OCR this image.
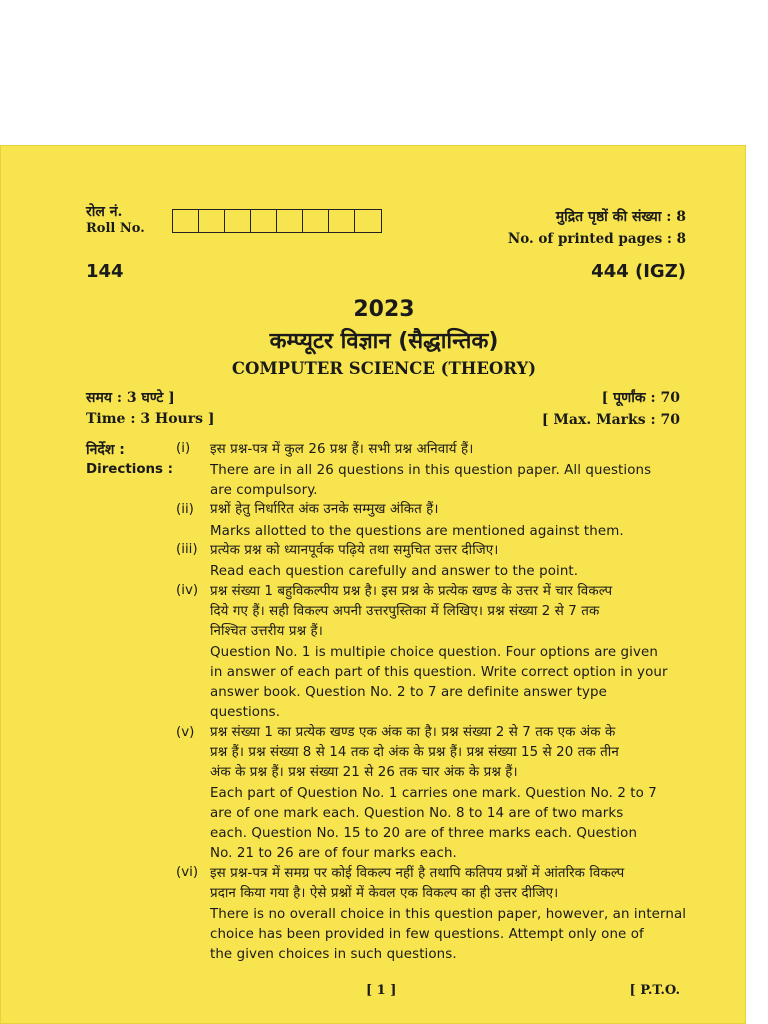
रोल नं.
Roll No.
मुद्रित पृष्ठों की संख्या : 8
No. of printed pages : 8
144	444 (IGZ)
2023
कम्प्यूटर विज्ञान (सैद्धान्तिक)
COMPUTER SCIENCE (THEORY)
समय : 3 घण्टे ]	[ पूर्णांक : 70
Time : 3 Hours ]	[ Max. Marks : 70
निर्देश :
Directions :
(i) इस प्रश्न-पत्र में कुल 26 प्रश्न हैं। सभी प्रश्न अनिवार्य हैं।
There are in all 26 questions in this question paper. All questions
are compulsory.
(ii) प्रश्नों हेतु निर्धारित अंक उनके सम्मुख अंकित हैं।
Marks allotted to the questions are mentioned against them.
(iii) प्रत्येक प्रश्न को ध्यानपूर्वक पढ़िये तथा समुचित उत्तर दीजिए।
Read each question carefully and answer to the point.
(iv) प्रश्न संख्या 1 बहुविकल्पीय प्रश्न है। इस प्रश्न के प्रत्येक खण्ड के उत्तर में चार विकल्प
दिये गए हैं। सही विकल्प अपनी उत्तरपुस्तिका में लिखिए। प्रश्न संख्या 2 से 7 तक
निश्चित उत्तरीय प्रश्न हैं।
Question No. 1 is multipie choice question. Four options are given
in answer of each part of this question. Write correct option in your
answer book. Question No. 2 to 7 are definite answer type
questions.
(v) प्रश्न संख्या 1 का प्रत्येक खण्ड एक अंक का है। प्रश्न संख्या 2 से 7 तक एक अंक के
प्रश्न हैं। प्रश्न संख्या 8 से 14 तक दो अंक के प्रश्न हैं। प्रश्न संख्या 15 से 20 तक तीन
अंक के प्रश्न हैं। प्रश्न संख्या 21 से 26 तक चार अंक के प्रश्न हैं।
Each part of Question No. 1 carries one mark. Question No. 2 to 7
are of one mark each. Question No. 8 to 14 are of two marks
each. Question No. 15 to 20 are of three marks each. Question
No. 21 to 26 are of four marks each.
(vi) इस प्रश्न-पत्र में समग्र पर कोई विकल्प नहीं है तथापि कतिपय प्रश्नों में आंतरिक विकल्प
प्रदान किया गया है। ऐसे प्रश्नों में केवल एक विकल्प का ही उत्तर दीजिए।
There is no overall choice in this question paper, however, an internal
choice has been provided in few questions. Attempt only one of
the given choices in such questions.
[ 1 ]	[ P.T.O.
